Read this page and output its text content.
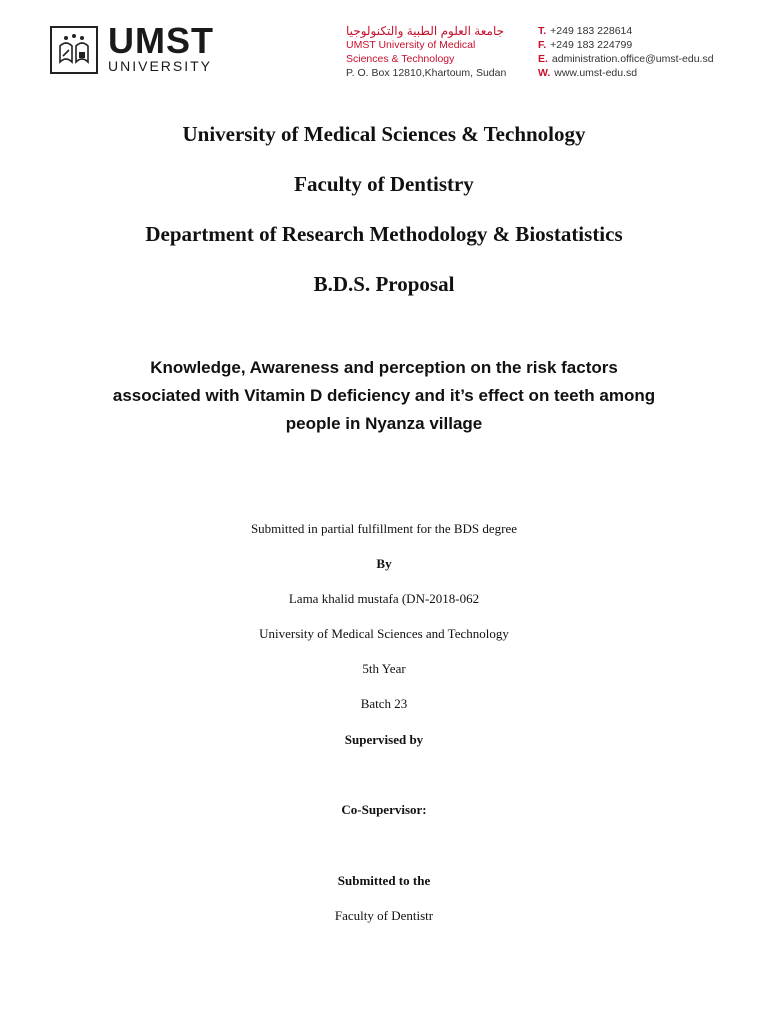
UMST
UNIVERSITY
جامعة العلوم الطبية والتكنولوجيا
UMST University of Medical
Sciences & Technology
P. O. Box 12810,Khartoum, Sudan
T. +249 183 228614
F. +249 183 224799
E. administration.office@umst-edu.sd
W. www.umst-edu.sd
University of Medical Sciences & Technology
Faculty of Dentistry
Department of Research Methodology & Biostatistics
B.D.S. Proposal
Knowledge, Awareness and perception on the risk factors
associated with Vitamin D deficiency and it’s effect on teeth among
people in Nyanza village
Submitted in partial fulfillment for the BDS degree
By
Lama khalid mustafa (DN-2018-062
University of Medical Sciences and Technology
5th Year
Batch 23
Supervised by
Co-Supervisor:
Submitted to the
Faculty of Dentistr
